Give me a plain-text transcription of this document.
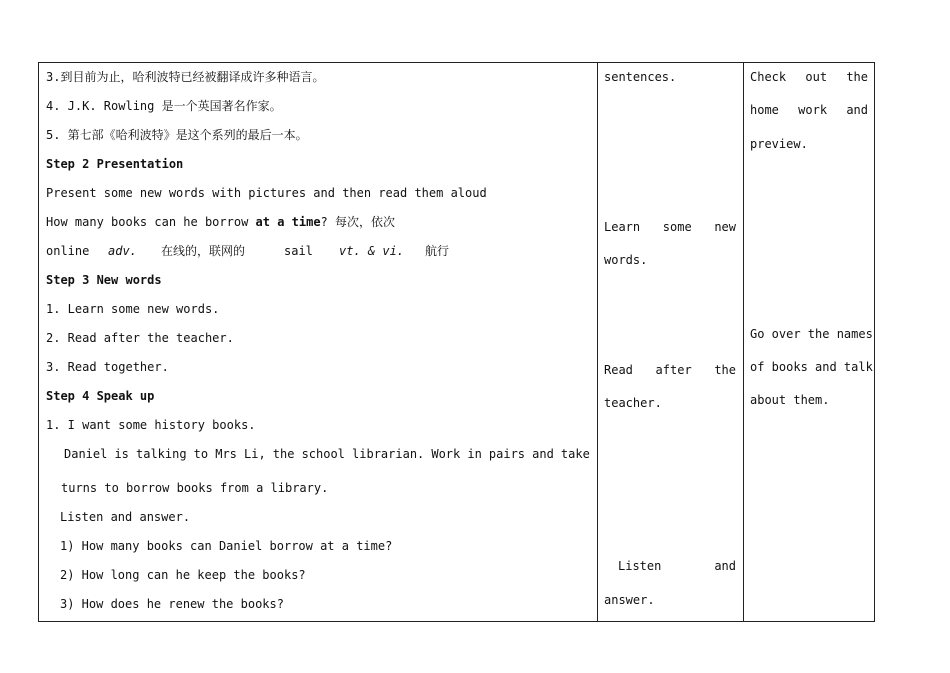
3.到目前为止，哈利波特已经被翻译成许多种语言。
4. J.K. Rowling 是一个英国著名作家。
5. 第七部《哈利波特》是这个系列的最后一本。
Step 2 Presentation
Present some new words with pictures and then read them aloud
How many books can he borrow at a time? 每次，依次
online adv. 在线的，联网的	sail vt. & vi. 航行
Step 3 New words
1. Learn some new words.
2. Read after the teacher.
3. Read together.
Step 4 Speak up
1. I want some history books.
Daniel is talking to Mrs Li, the school librarian. Work in pairs and take
turns to borrow books from a library.
Listen and answer.
1) How many books can Daniel borrow at a time?
2) How long can he keep the books?
3) How does he renew the books?
sentences.
Learn some new
words.
Read after the
teacher.
Listen	and
answer.
Check out the
home work and
preview.
Go over the names
of books and talk
about them.
